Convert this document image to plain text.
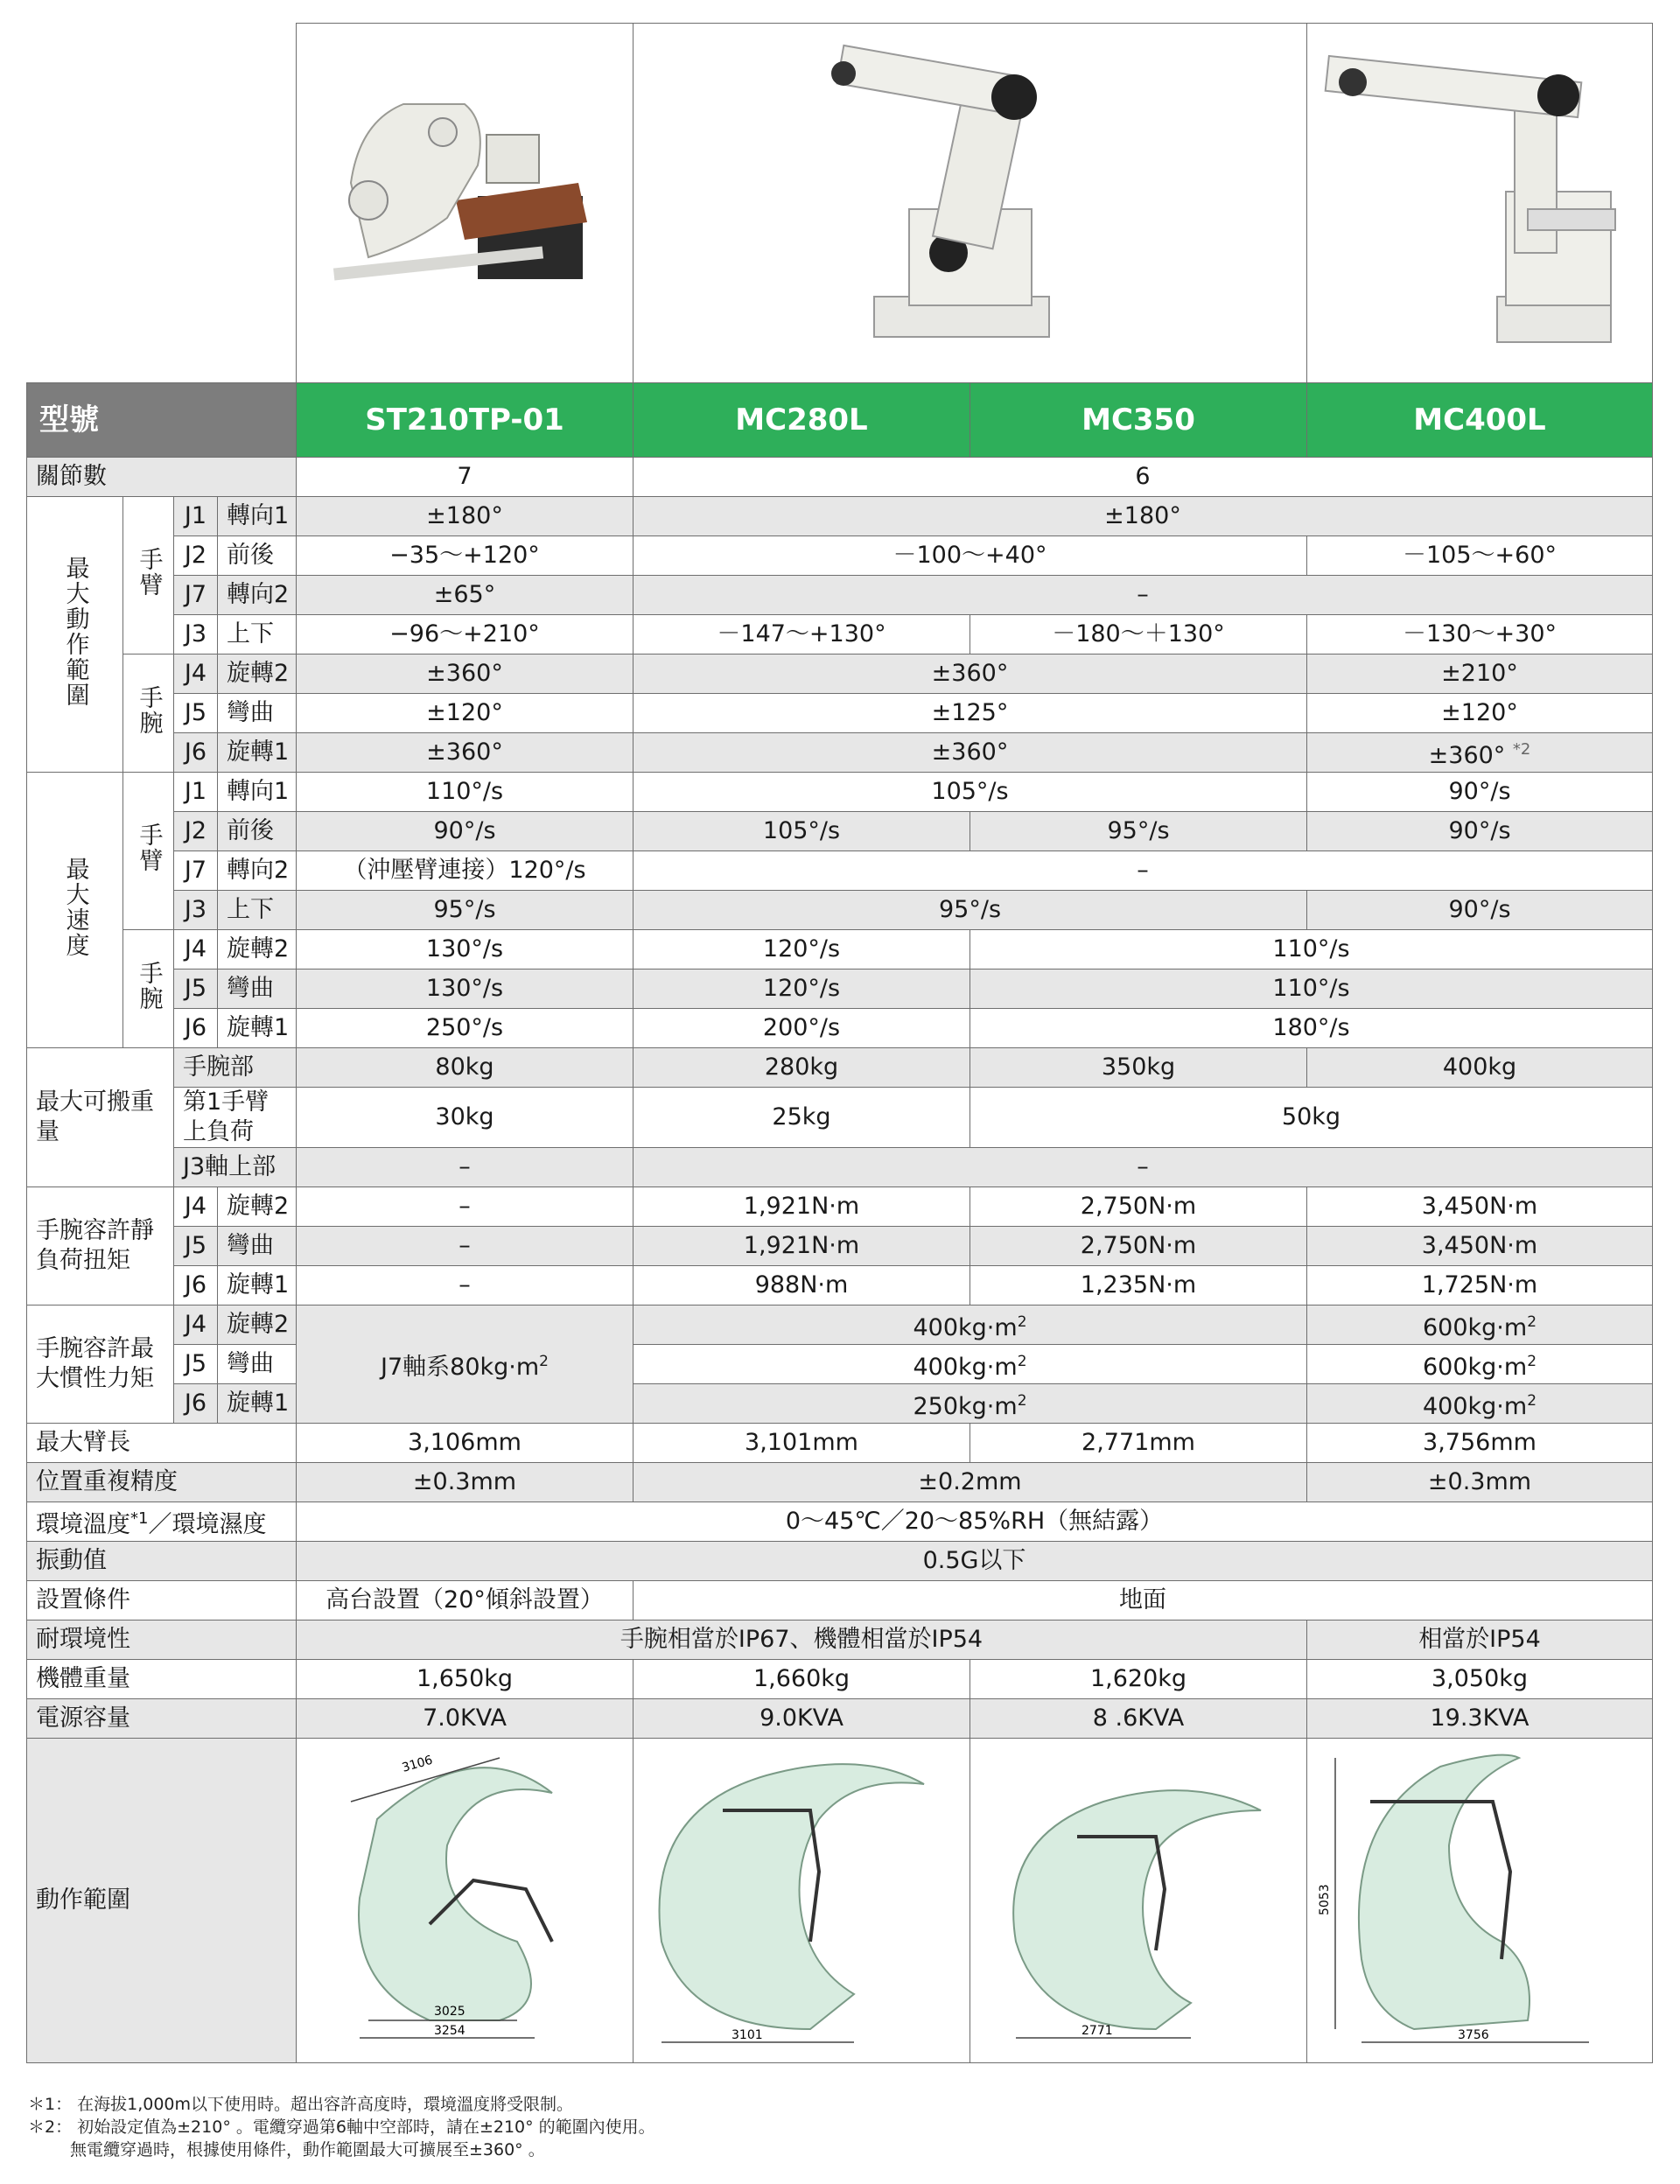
型號				ST210TP-01	MC280L	MC350	MC400L
關節數				7	6		
最大動作範圍	手臂	J1	轉向1	±180°	±180°		
		J2	前後	−35～+120°	－100～+40°		－105～+60°
		J7	轉向2	±65°	–		
		J3	上下	−96～+210°	－147～+130°	－180～＋130°	－130～+30°
	手腕	J4	旋轉2	±360°	±360°		±210°
		J5	彎曲	±120°	±125°		±120°
		J6	旋轉1	±360°	±360°		±360° $^{*2}$
最大速度	手臂	J1	轉向1	110°/s	105°/s		90°/s
		J2	前後	90°/s	105°/s	95°/s	90°/s
		J7	轉向2	（沖壓臂連接）120°/s	–		
		J3	上下	95°/s	95°/s		90°/s
	手腕	J4	旋轉2	130°/s	120°/s	110°/s	
		J5	彎曲	130°/s	120°/s	110°/s	
		J6	旋轉1	250°/s	200°/s	180°/s	
最大可搬重量		手腕部		80kg	280kg	350kg	400kg
		第1手臂上負荷		30kg	25kg	50kg	
		J3軸上部		–	–		
手腕容許靜負荷扭矩		J4	旋轉2	–	1,921N·m	2,750N·m	3,450N·m
		J5	彎曲	–	1,921N·m	2,750N·m	3,450N·m
		J6	旋轉1	–	988N·m	1,235N·m	1,725N·m
手腕容許最大慣性力矩		J4	旋轉2	J7軸系$80kg\cdot m^2$	$400kg\cdot m^2$		$600kg\cdot m^2$
		J5	彎曲		$400kg\cdot m^2$		$600kg\cdot m^2$
		J6	旋轉1		$250kg\cdot m^2$		$400kg\cdot m^2$
最大臂長				3,106mm	3,101mm	2,771mm	3,756mm
位置重複精度				±0.3mm	±0.2mm		±0.3mm
環境溫度$^{*1}$／環境濕度				0～45℃／20～85%RH（無結露）			
振動值				0.5G以下			
設置條件				高台設置（20°傾斜設置）	地面		
耐環境性				手腕相當於IP67、機體相當於IP54			相當於IP54
機體重量				1,650kg	1,660kg	1,620kg	3,050kg
電源容量				7.0KVA	9.0KVA	8 .6KVA	19.3KVA
動作範圍				3106
3025
3254	3101	2771	5053
3756
＊1： 在海拔1,000m以下使用時。超出容許高度時，環境溫度將受限制。
＊2： 初始設定值為±210° 。電纜穿過第6軸中空部時，請在±210° 的範圍內使用。
無電纜穿過時，根據使用條件，動作範圍最大可擴展至±360° 。
